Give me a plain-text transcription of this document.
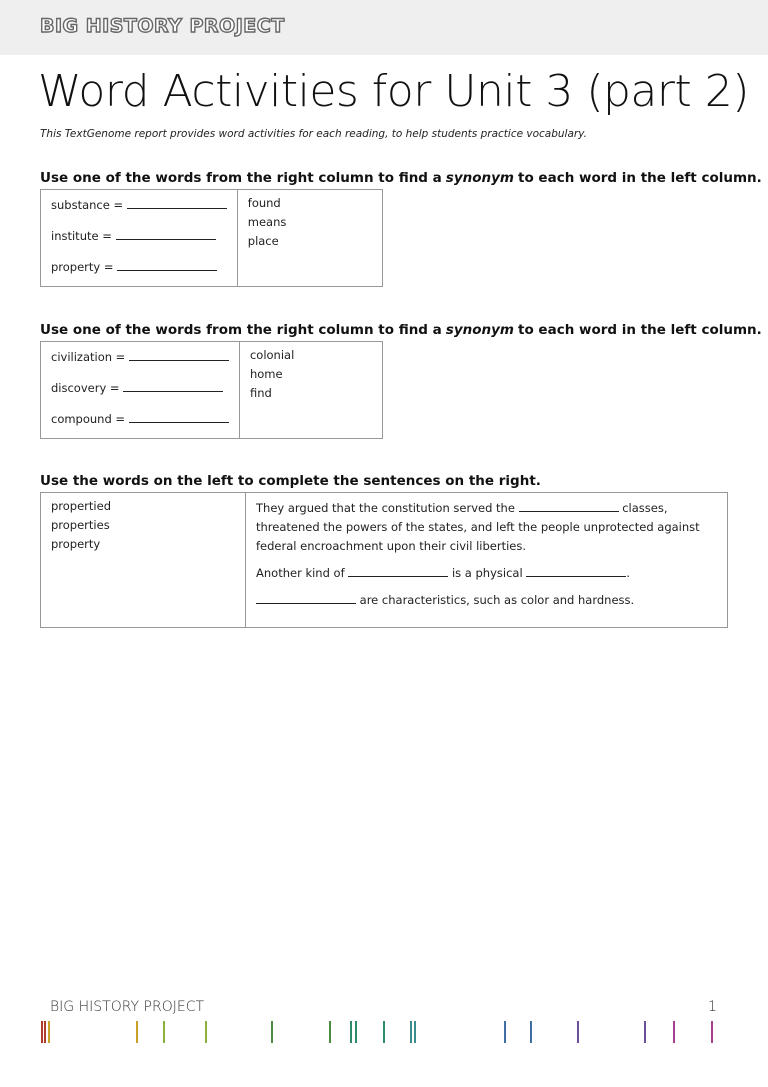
BIG HISTORY PROJECT
Word Activities for Unit 3 (part 2)
This TextGenome report provides word activities for each reading, to help students practice vocabulary.
Use one of the words from the right column to find a synonym to each word in the left column.
substance =
institute =
property =

found
means
place
Use one of the words from the right column to find a synonym to each word in the left column.
civilization =
discovery =
compound =

colonial
home
find
Use the words on the left to complete the sentences on the right.
propertied
properties
property

They argued that the constitution served the	classes, threatened the powers of the states, and left the people unprotected against federal encroachment upon their civil liberties.
Another kind of	is a physical	.
are characteristics, such as color and hardness.
BIG HISTORY PROJECT	1
